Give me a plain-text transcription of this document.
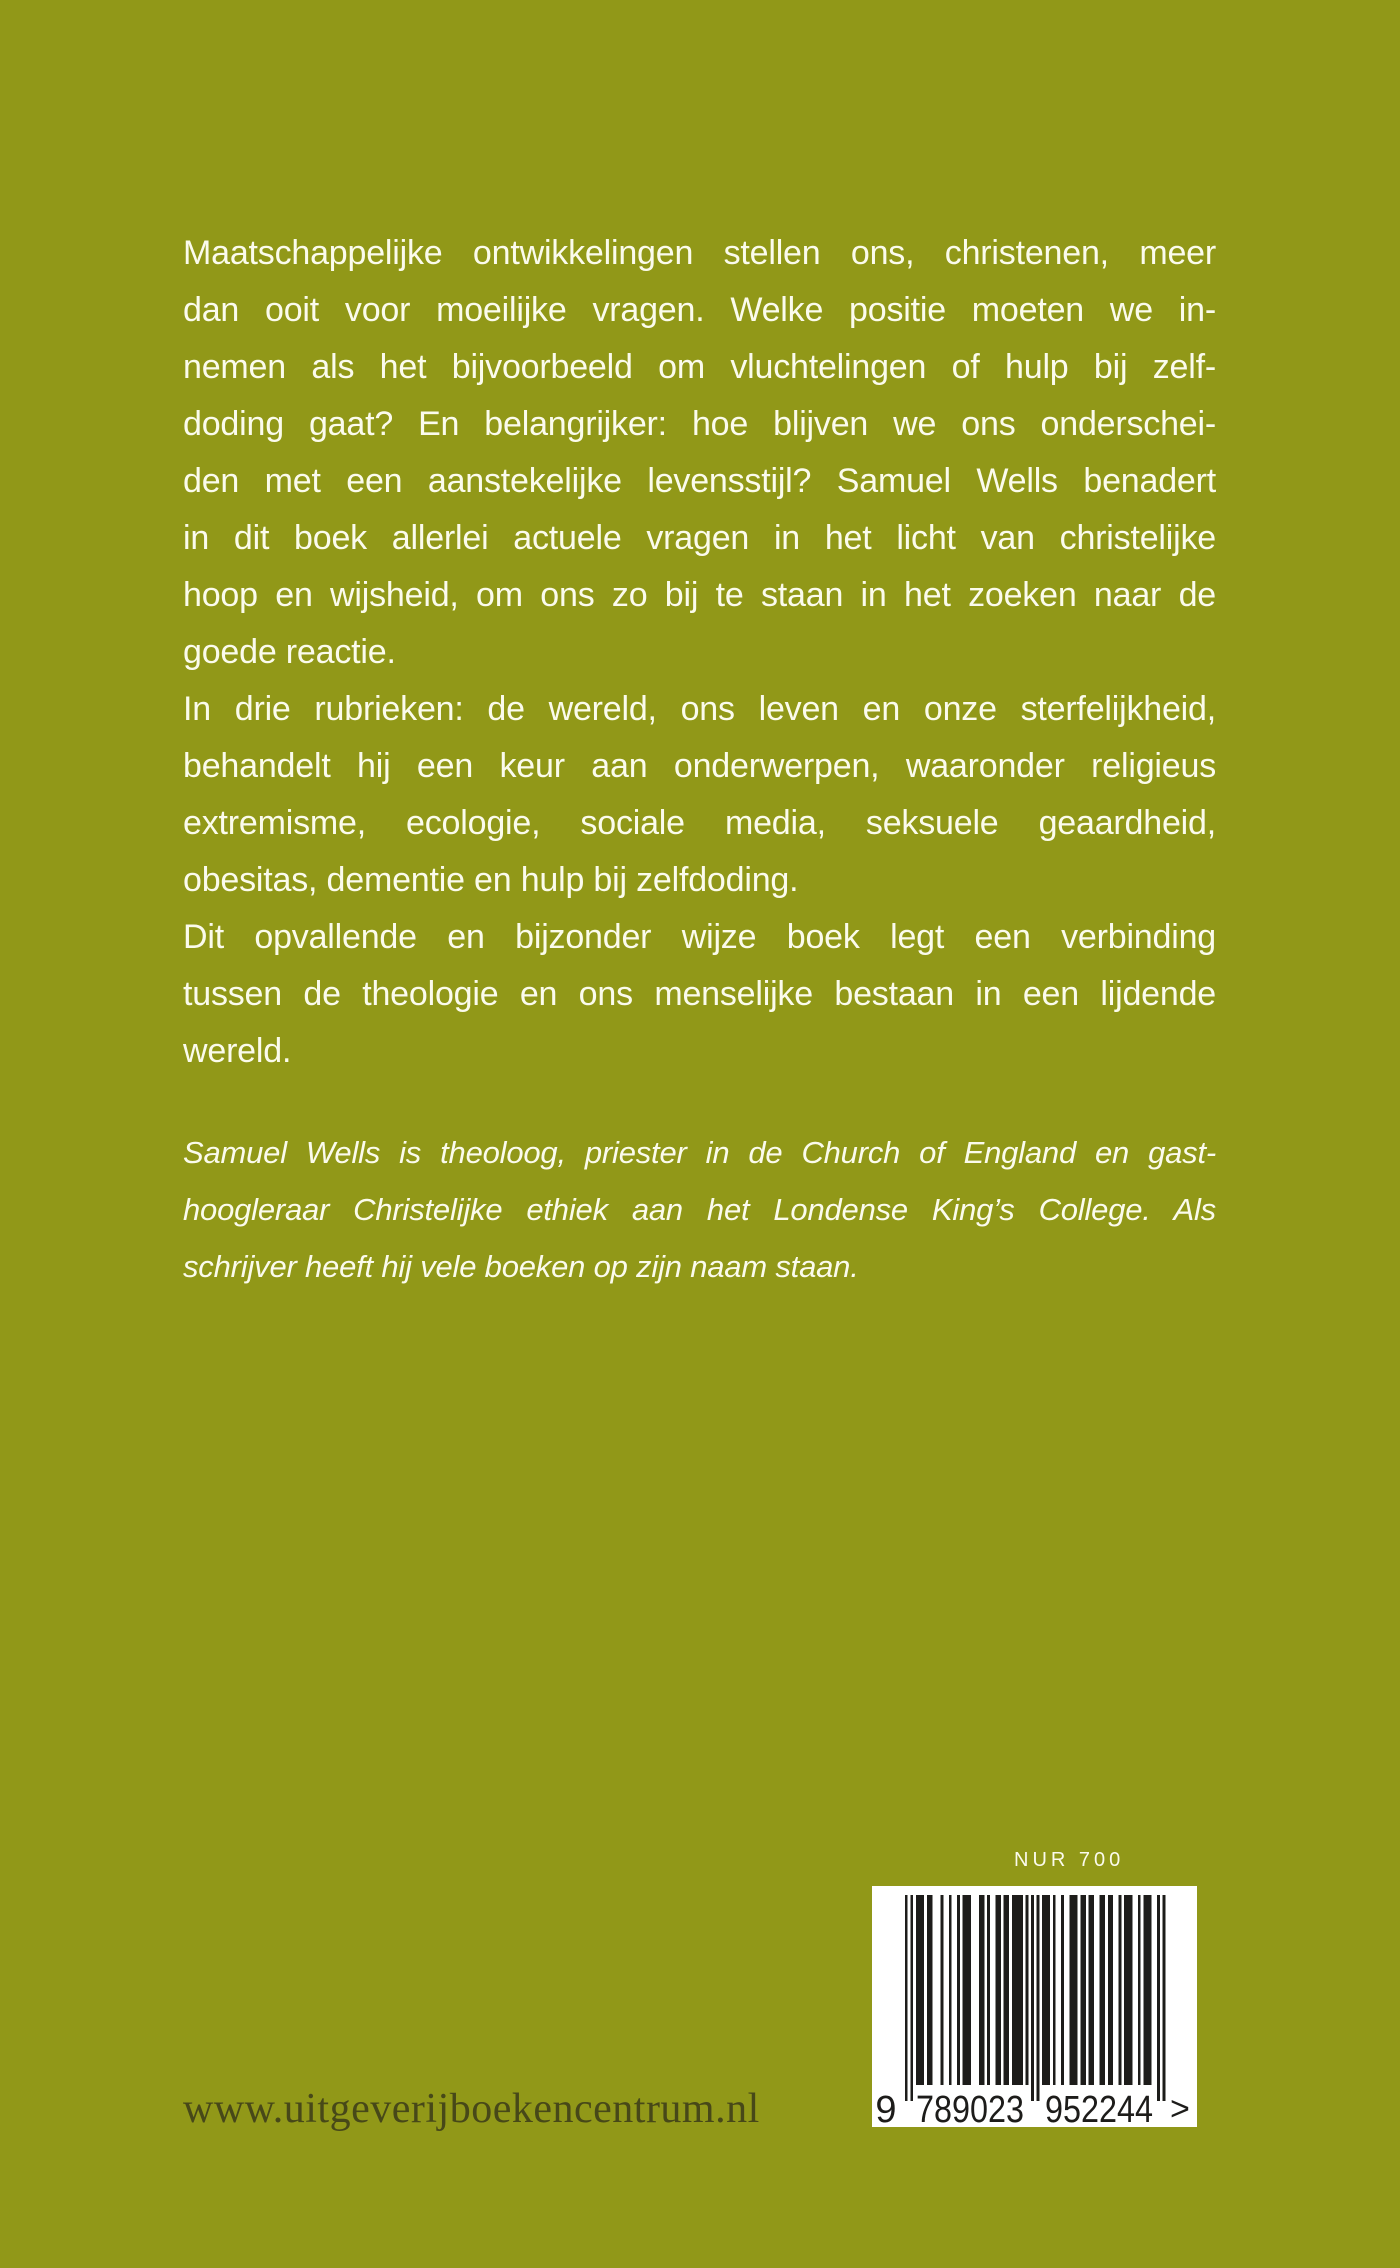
Maatschappelijke ontwikkelingen stellen ons, christenen, meer
dan ooit voor moeilijke vragen. Welke positie moeten we in-
nemen als het bijvoorbeeld om vluchtelingen of hulp bij zelf-
doding gaat? En belangrijker: hoe blijven we ons onderschei-
den met een aanstekelijke levensstijl? Samuel Wells benadert
in dit boek allerlei actuele vragen in het licht van christelijke
hoop en wijsheid, om ons zo bij te staan in het zoeken naar de
goede reactie.
In drie rubrieken: de wereld, ons leven en onze sterfelijkheid,
behandelt hij een keur aan onderwerpen, waaronder religieus
extremisme, ecologie, sociale media, seksuele geaardheid,
obesitas, dementie en hulp bij zelfdoding.
Dit opvallende en bijzonder wijze boek legt een verbinding
tussen de theologie en ons menselijke bestaan in een lijdende
wereld.
Samuel Wells is theoloog, priester in de Church of England en gast-
hoogleraar Christelijke ethiek aan het Londense King’s College. Als
schrijver heeft hij vele boeken op zijn naam staan.
NUR 700
9 789023 952244 >
www.uitgeverijboekencentrum.nl
